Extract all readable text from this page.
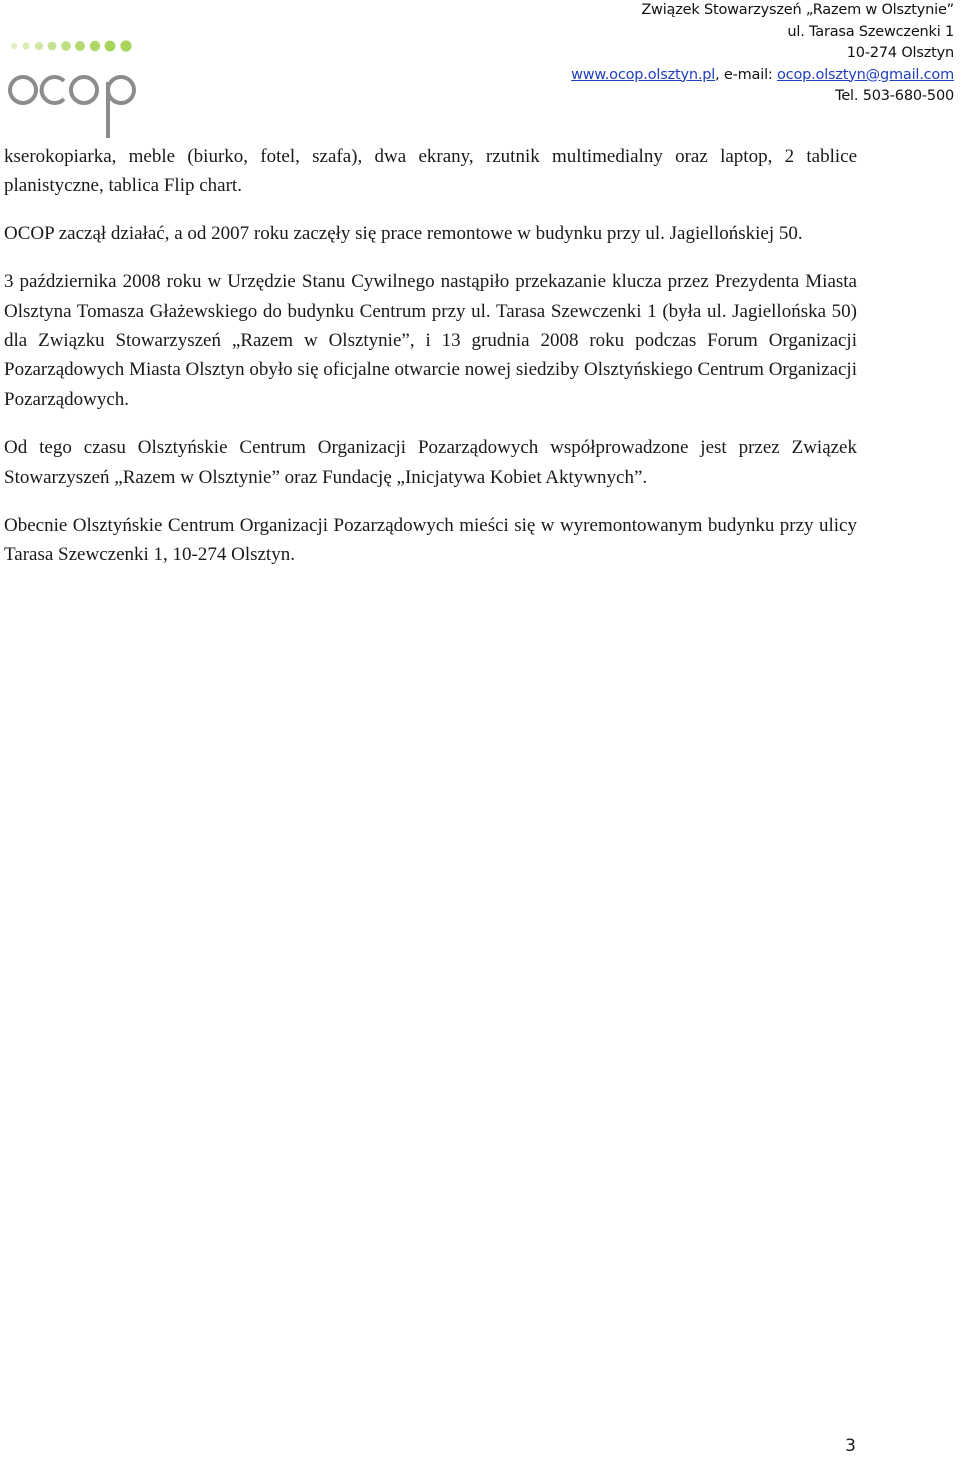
Związek Stowarzyszeń „Razem w Olsztynie”
ul. Tarasa Szewczenki 1
10-274 Olsztyn
www.ocop.olsztyn.pl, e-mail: ocop.olsztyn@gmail.com
Tel. 503-680-500

kserokopiarka, meble (biurko, fotel, szafa), dwa ekrany, rzutnik multimedialny oraz laptop, 2 tablice planistyczne, tablica Flip chart.

OCOP zaczął działać, a od 2007 roku zaczęły się prace remontowe w budynku przy ul. Jagiellońskiej 50.

3 października 2008 roku w Urzędzie Stanu Cywilnego nastąpiło przekazanie klucza przez Prezydenta Miasta Olsztyna Tomasza Głażewskiego do budynku Centrum przy ul. Tarasa Szewczenki 1 (była ul. Jagiellońska 50) dla Związku Stowarzyszeń „Razem w Olsztynie”, i 13 grudnia 2008 roku podczas Forum Organizacji Pozarządowych Miasta Olsztyn obyło się oficjalne otwarcie nowej siedziby Olsztyńskiego Centrum Organizacji Pozarządowych.

Od tego czasu Olsztyńskie Centrum Organizacji Pozarządowych współprowadzone jest przez Związek Stowarzyszeń „Razem w Olsztynie” oraz Fundację „Inicjatywa Kobiet Aktywnych”.

Obecnie Olsztyńskie Centrum Organizacji Pozarządowych mieści się w wyremontowanym budynku przy ulicy Tarasa Szewczenki 1, 10-274 Olsztyn.

3
